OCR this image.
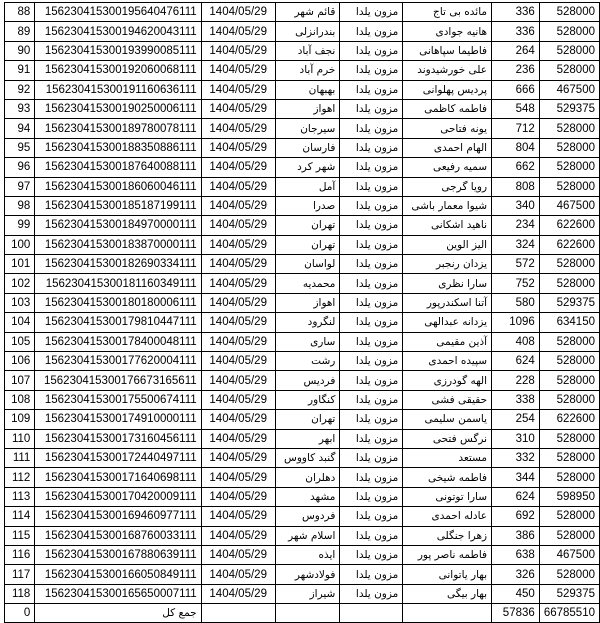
88	156230415300195640476111	1404/05/29	قائم شهر	مزون یلدا	مائده بی تاج	336	528000
89	156230415300194620043111	1404/05/29	بندرانزلی	مزون یلدا	هانیه جوادی	336	528000
90	156230415300193990085111	1404/05/29	نجف آباد	مزون یلدا	فاطیما سپاهانی	264	528000
91	156230415300192060068111	1404/05/29	خرم آباد	مزون یلدا	علی خورشیدوند	236	528000
92	156230415300191160636111	1404/05/29	بهبهان	مزون یلدا	پردیس پهلوانی	666	467500
93	156230415300190250006111	1404/05/29	اهواز	مزون یلدا	فاطمه کاظمی	548	529375
94	156230415300189780078111	1404/05/29	سیرجان	مزون یلدا	یونه فتاحی	712	528000
95	156230415300188350886111	1404/05/29	فارسان	مزون یلدا	الهام احمدی	804	528000
96	156230415300187640088111	1404/05/29	شهر کرد	مزون یلدا	سمیه رفیعی	662	528000
97	156230415300186060046111	1404/05/29	آمل	مزون یلدا	رویا گرجی	808	528000
98	156230415300185187199111	1404/05/29	صدرا	مزون یلدا	شیوا معمار باشی	340	467500
99	156230415300184970000111	1404/05/29	تهران	مزون یلدا	ناهید اشکانی	234	622600
100	156230415300183870000111	1404/05/29	تهران	مزون یلدا	الیز الوین	324	622600
101	156230415300182690334111	1404/05/29	لواسان	مزون یلدا	یزدان رنجبر	572	528000
102	156230415300181160349111	1404/05/29	محمدیه	مزون یلدا	سارا نظری	752	528000
103	156230415300180180006111	1404/05/29	اهواز	مزون یلدا	آتنا اسکندرپور	580	529375
104	156230415300179810447111	1404/05/29	لنگرود	مزون یلدا	یزدانه عبدالهی	1096	634150
105	156230415300178400048111	1404/05/29	ساری	مزون یلدا	آذین مقیمی	408	528000
106	156230415300177620004111	1404/05/29	رشت	مزون یلدا	سپیده احمدی	624	528000
107	156230415300176673165611	1404/05/29	فردیس	مزون یلدا	الهه گودرزی	228	528000
108	156230415300175500674111	1404/05/29	کنگاور	مزون یلدا	حقیقی فشی	338	528000
109	156230415300174910000111	1404/05/29	تهران	مزون یلدا	یاسمن سلیمی	254	622600
110	156230415300173160456111	1404/05/29	ابهر	مزون یلدا	نرگس فتحی	310	528000
111	156230415300172440497111	1404/05/29	گنبد کاووس	مزون یلدا	مستعد	332	528000
112	156230415300171640698111	1404/05/29	دهلران	مزون یلدا	فاطمه شیخی	344	528000
113	156230415300170420009111	1404/05/29	مشهد	مزون یلدا	سارا توتونی	624	598950
114	156230415300169460977111	1404/05/29	فردوس	مزون یلدا	عادله احمدی	692	528000
115	156230415300168760033111	1404/05/29	اسلام شهر	مزون یلدا	زهرا جنگلی	386	528000
116	156230415300167880639111	1404/05/29	ایذه	مزون یلدا	فاطمه ناصر پور	638	467500
117	156230415300166050849111	1404/05/29	فولادشهر	مزون یلدا	بهار یاتوانی	326	528000
118	156230415300165650007111	1404/05/29	شیراز	مزون یلدا	بهار بیگی	450	529375
0	جمع کل					57836	66785510
